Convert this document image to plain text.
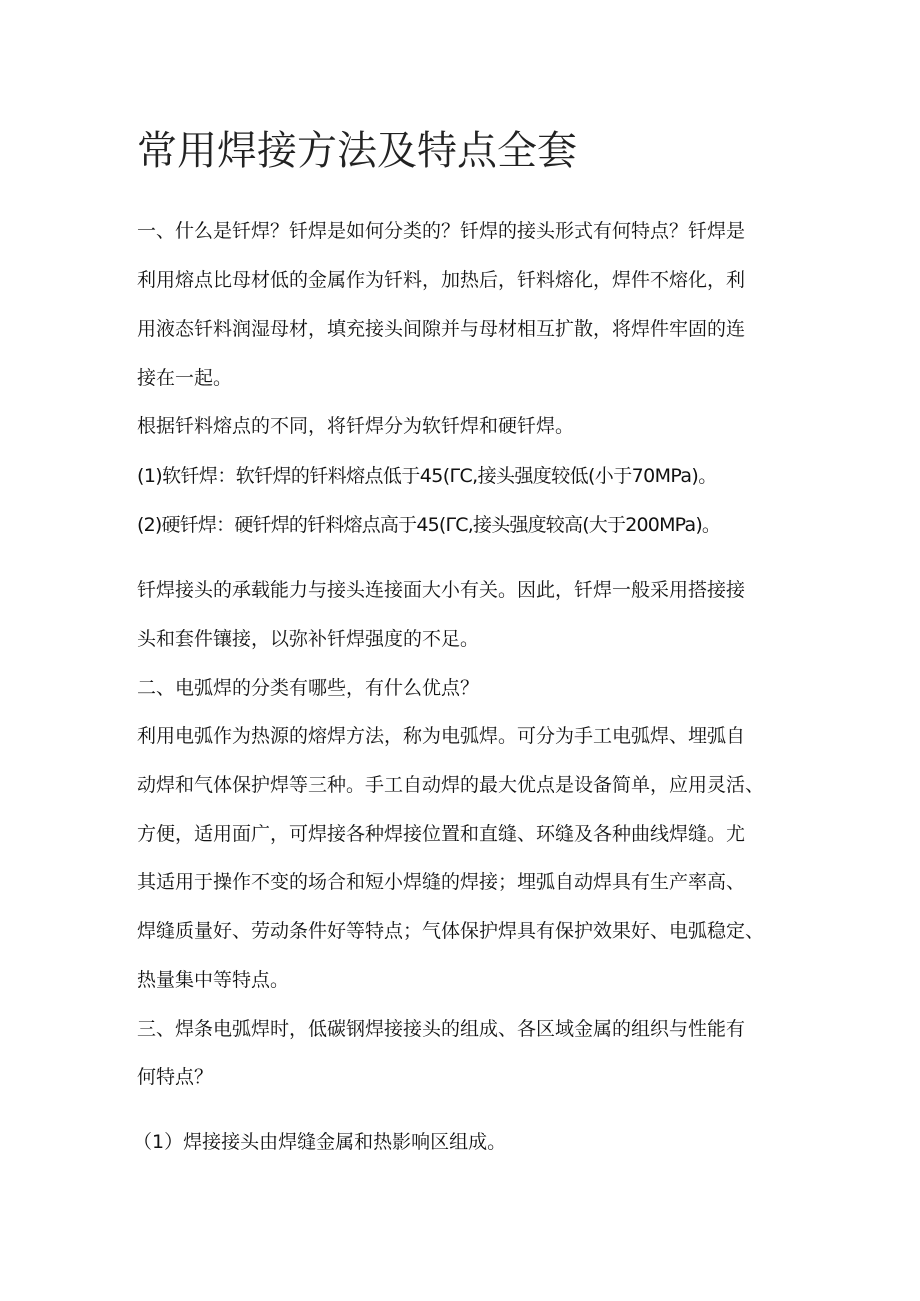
常用焊接方法及特点全套

一、什么是钎焊？钎焊是如何分类的？钎焊的接头形式有何特点？钎焊是

利用熔点比母材低的金属作为钎料，加热后，钎料熔化，焊件不熔化，利

用液态钎料润湿母材，填充接头间隙并与母材相互扩散，将焊件牢固的连

接在一起。

根据钎料熔点的不同，将钎焊分为软钎焊和硬钎焊。

(1)软钎焊：软钎焊的钎料熔点低于45(ΓC,接头强度较低(小于70MPa)。

(2)硬钎焊：硬钎焊的钎料熔点高于45(ΓC,接头强度较高(大于200MPa)。

钎焊接头的承载能力与接头连接面大小有关。因此，钎焊一般采用搭接接

头和套件镶接，以弥补钎焊强度的不足。

二、电弧焊的分类有哪些，有什么优点？

利用电弧作为热源的熔焊方法，称为电弧焊。可分为手工电弧焊、埋弧自

动焊和气体保护焊等三种。手工自动焊的最大优点是设备简单，应用灵活、

方便，适用面广，可焊接各种焊接位置和直缝、环缝及各种曲线焊缝。尤

其适用于操作不变的场合和短小焊缝的焊接；埋弧自动焊具有生产率高、

焊缝质量好、劳动条件好等特点；气体保护焊具有保护效果好、电弧稳定、

热量集中等特点。

三、焊条电弧焊时，低碳钢焊接接头的组成、各区域金属的组织与性能有

何特点？

（1）焊接接头由焊缝金属和热影响区组成。
